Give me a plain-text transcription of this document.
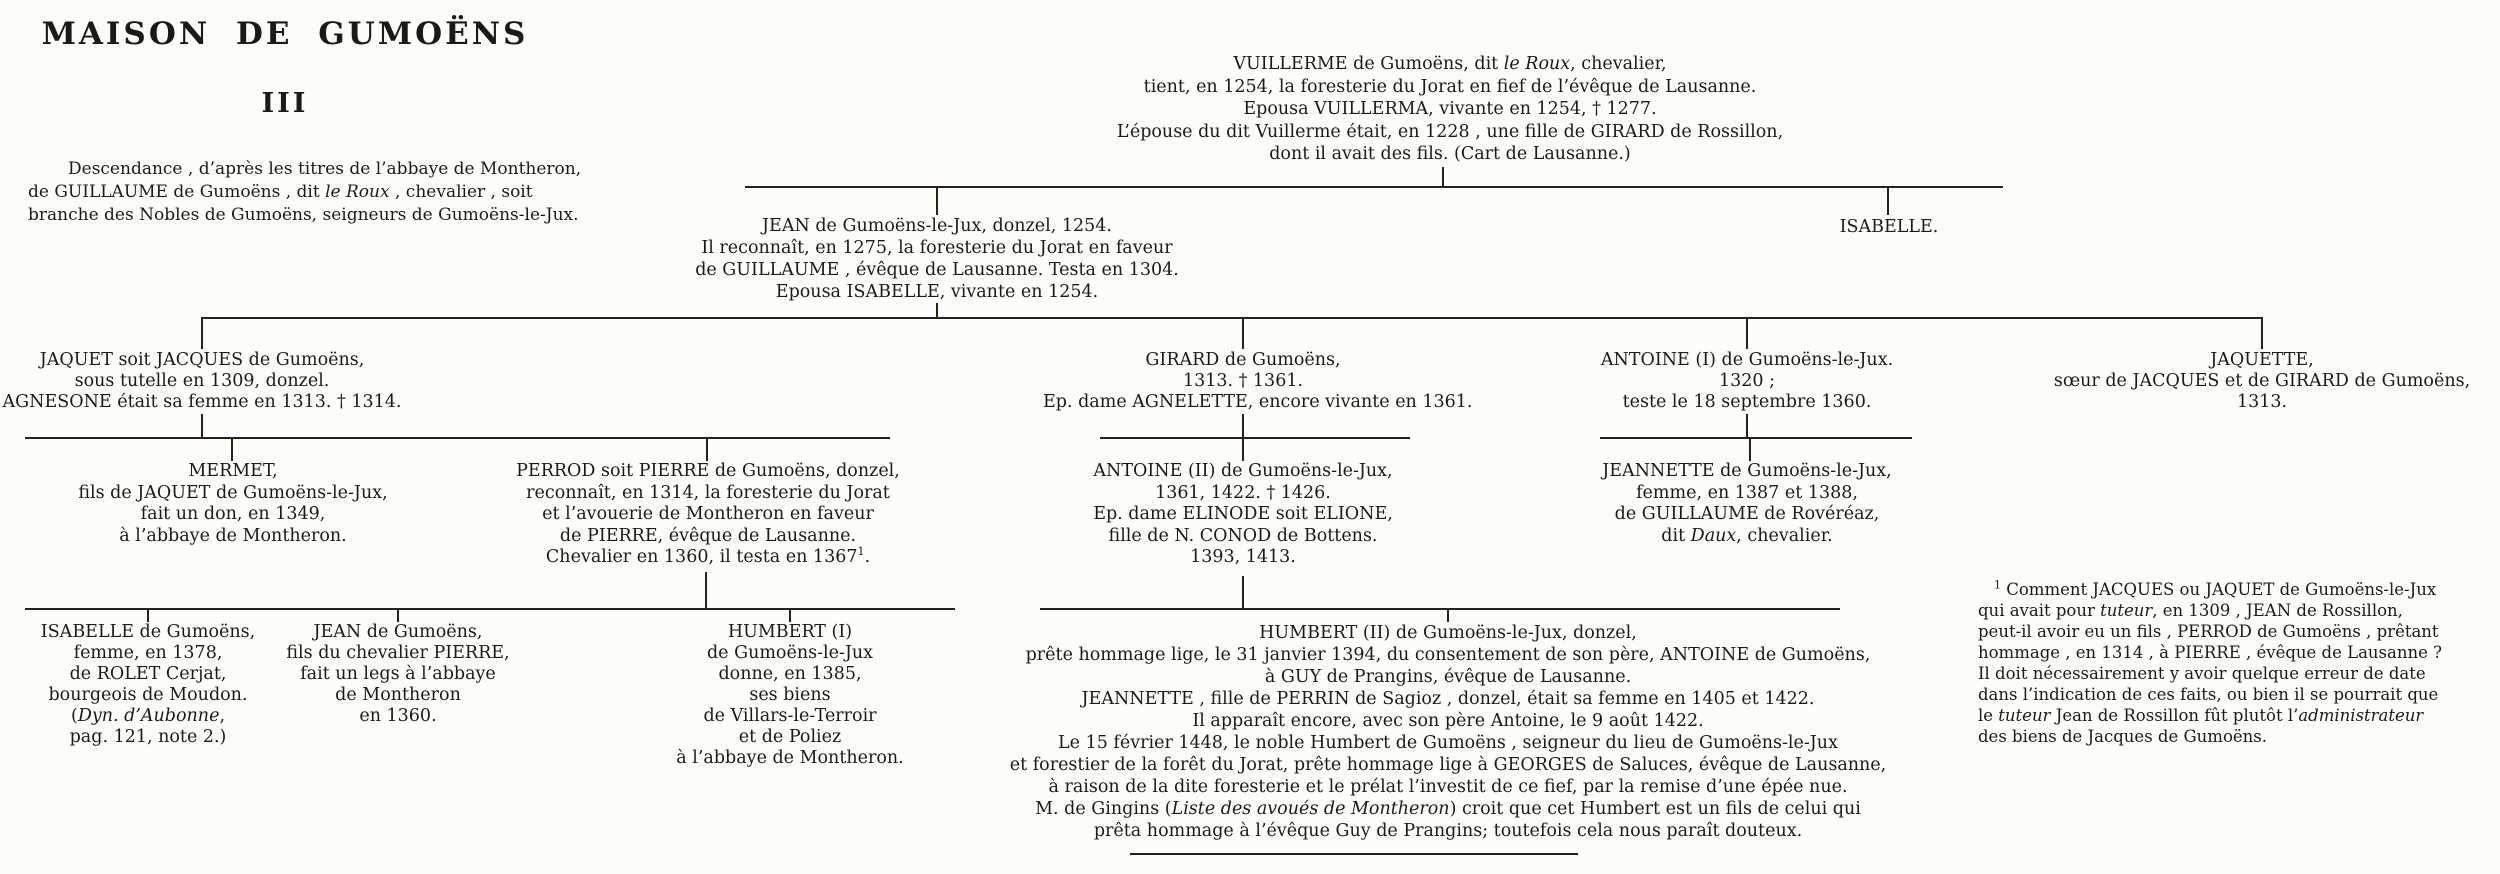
MAISON DE GUMOËNS
III
Descendance , d’après les titres de l’abbaye de Montheron,
de GUILLAUME de Gumoëns , dit le Roux , chevalier , soit
branche des Nobles de Gumoëns, seigneurs de Gumoëns-le-Jux.
VUILLERME de Gumoëns, dit le Roux, chevalier,
tient, en 1254, la foresterie du Jorat en fief de l’évêque de Lausanne.
Epousa VUILLERMA, vivante en 1254, † 1277.
L’épouse du dit Vuillerme était, en 1228 , une fille de GIRARD de Rossillon,
dont il avait des fils. (Cart de Lausanne.)
JEAN de Gumoëns-le-Jux, donzel, 1254.
Il reconnaît, en 1275, la foresterie du Jorat en faveur
de GUILLAUME , évêque de Lausanne. Testa en 1304.
Epousa ISABELLE, vivante en 1254.
ISABELLE.
JAQUET soit JACQUES de Gumoëns,
sous tutelle en 1309, donzel.
AGNESONE était sa femme en 1313. † 1314.
GIRARD de Gumoëns,
1313. † 1361.
Ep. dame AGNELETTE, encore vivante en 1361.
ANTOINE (I) de Gumoëns-le-Jux.
1320 ;
teste le 18 septembre 1360.
JAQUETTE,
sœur de JACQUES et de GIRARD de Gumoëns,
1313.
MERMET,
fils de JAQUET de Gumoëns-le-Jux,
fait un don, en 1349,
à l’abbaye de Montheron.
PERROD soit PIERRE de Gumoëns, donzel,
reconnaît, en 1314, la foresterie du Jorat
et l’avouerie de Montheron en faveur
de PIERRE, évêque de Lausanne.
Chevalier en 1360, il testa en 1367$^1$.
ANTOINE (II) de Gumoëns-le-Jux,
1361, 1422. † 1426.
Ep. dame ELINODE soit ELIONE,
fille de N. CONOD de Bottens.
1393, 1413.
JEANNETTE de Gumoëns-le-Jux,
femme, en 1387 et 1388,
de GUILLAUME de Rovéréaz,
dit Daux, chevalier.
ISABELLE de Gumoëns,
femme, en 1378,
de ROLET Cerjat,
bourgeois de Moudon.
(Dyn. d’Aubonne,
pag. 121, note 2.)
JEAN de Gumoëns,
fils du chevalier PIERRE,
fait un legs à l’abbaye
de Montheron
en 1360.
HUMBERT (I)
de Gumoëns-le-Jux
donne, en 1385,
ses biens
de Villars-le-Terroir
et de Poliez
à l’abbaye de Montheron.
HUMBERT (II) de Gumoëns-le-Jux, donzel,
prête hommage lige, le 31 janvier 1394, du consentement de son père, ANTOINE de Gumoëns,
à GUY de Prangins, évêque de Lausanne.
JEANNETTE , fille de PERRIN de Sagioz , donzel, était sa femme en 1405 et 1422.
Il apparaît encore, avec son père Antoine, le 9 août 1422.
Le 15 février 1448, le noble Humbert de Gumoëns , seigneur du lieu de Gumoëns-le-Jux
et forestier de la forêt du Jorat, prête hommage lige à GEORGES de Saluces, évêque de Lausanne,
à raison de la dite foresterie et le prélat l’investit de ce fief, par la remise d’une épée nue.
M. de Gingins (Liste des avoués de Montheron) croit que cet Humbert est un fils de celui qui
prêta hommage à l’évêque Guy de Prangins; toutefois cela nous paraît douteux.
$^1$ Comment JACQUES ou JAQUET de Gumoëns-le-Jux
qui avait pour tuteur, en 1309 , JEAN de Rossillon,
peut-il avoir eu un fils , PERROD de Gumoëns , prêtant
hommage , en 1314 , à PIERRE , évêque de Lausanne ?
Il doit nécessairement y avoir quelque erreur de date
dans l’indication de ces faits, ou bien il se pourrait que
le tuteur Jean de Rossillon fût plutôt l’administrateur
des biens de Jacques de Gumoëns.
